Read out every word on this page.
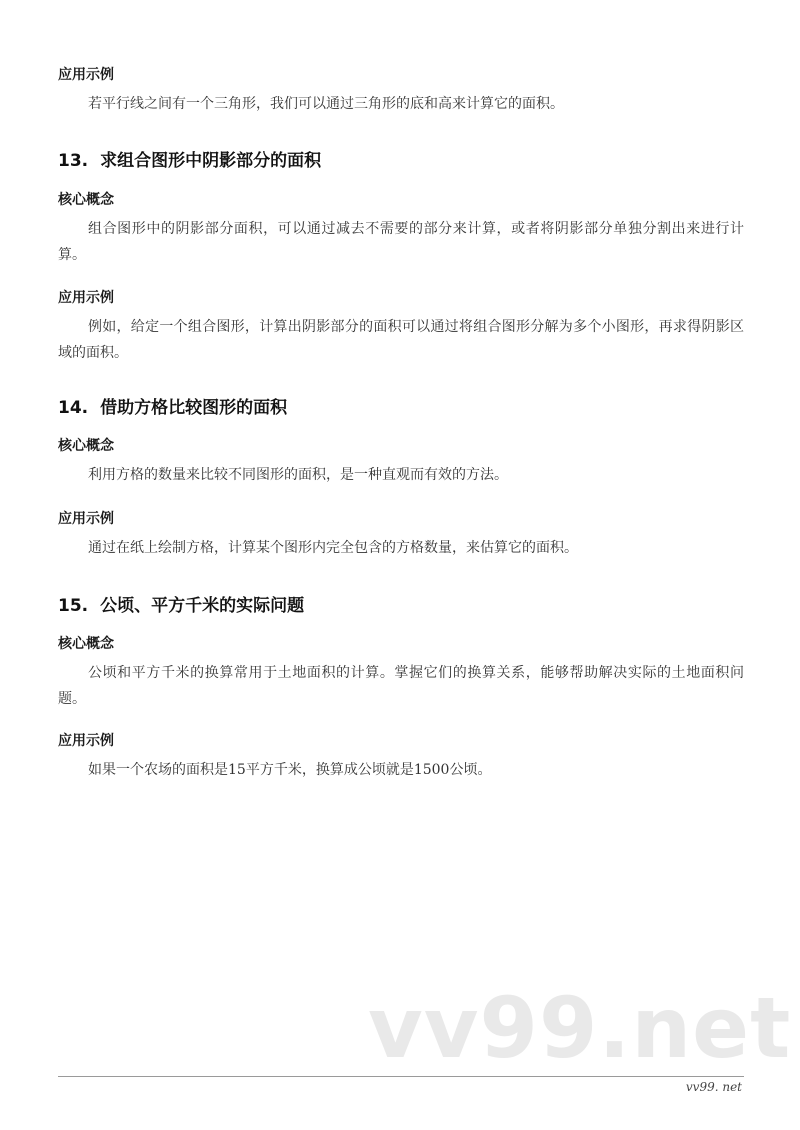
应用示例

若平行线之间有一个三角形，我们可以通过三角形的底和高来计算它的面积。

13. 求组合图形中阴影部分的面积
核心概念

组合图形中的阴影部分面积，可以通过减去不需要的部分来计算，或者将阴影部分单独分割出来进行计算。

应用示例

例如，给定一个组合图形，计算出阴影部分的面积可以通过将组合图形分解为多个小图形，再求得阴影区域的面积。

14. 借助方格比较图形的面积
核心概念

利用方格的数量来比较不同图形的面积，是一种直观而有效的方法。

应用示例

通过在纸上绘制方格，计算某个图形内完全包含的方格数量，来估算它的面积。

15. 公顷、平方千米的实际问题
核心概念

公顷和平方千米的换算常用于土地面积的计算。掌握它们的换算关系，能够帮助解决实际的土地面积问题。

应用示例

如果一个农场的面积是15平方千米，换算成公顷就是1500公顷。

vv99.net
vv99. net
